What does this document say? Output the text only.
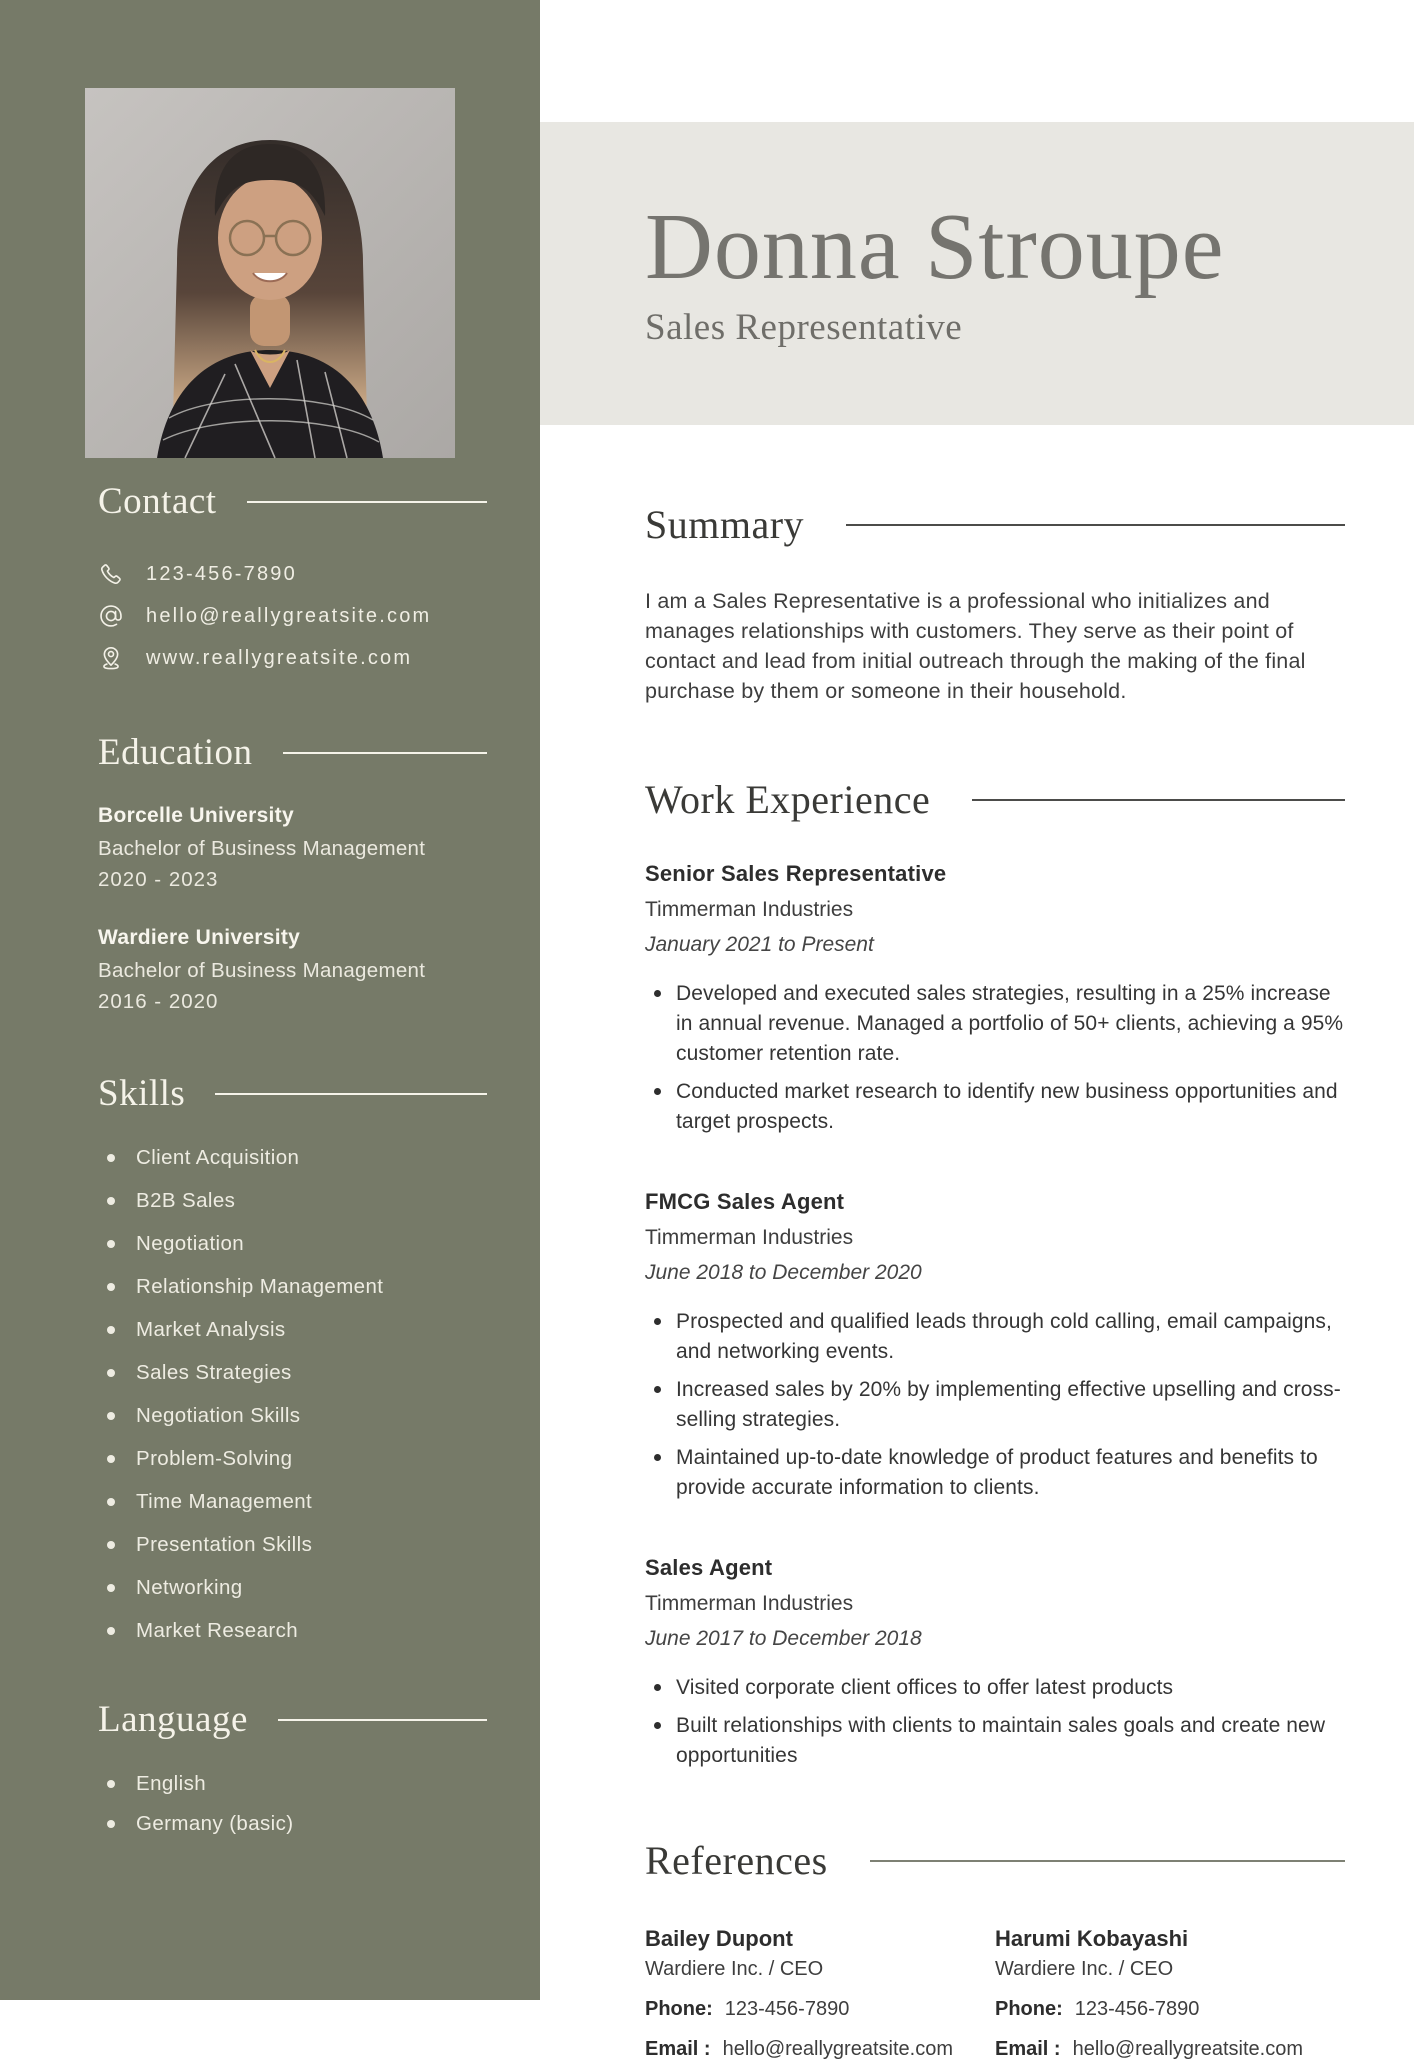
Contact
123-456-7890
hello@reallygreatsite.com
www.reallygreatsite.com
Education
Borcelle University
Bachelor of Business Management
2020 - 2023
Wardiere University
Bachelor of Business Management
2016 - 2020
Skills
Client Acquisition
B2B Sales
Negotiation
Relationship Management
Market Analysis
Sales Strategies
Negotiation Skills
Problem-Solving
Time Management
Presentation Skills
Networking
Market Research
Language
English
Germany (basic)
Donna Stroupe
Sales Representative
Summary

I am a Sales Representative is a professional who initializes and manages relationships with customers. They serve as their point of contact and lead from initial outreach through the making of the final purchase by them or someone in their household.

Work Experience
Senior Sales Representative
Timmerman Industries
January 2021 to Present
Developed and executed sales strategies, resulting in a 25% increase in annual revenue. Managed a portfolio of 50+ clients, achieving a 95% customer retention rate.
Conducted market research to identify new business opportunities and target prospects.
FMCG Sales Agent
Timmerman Industries
June 2018 to December 2020
Prospected and qualified leads through cold calling, email campaigns, and networking events.
Increased sales by 20% by implementing effective upselling and cross-selling strategies.
Maintained up-to-date knowledge of product features and benefits to provide accurate information to clients.
Sales Agent
Timmerman Industries
June 2017 to December 2018
Visited corporate client offices to offer latest products
Built relationships with clients to maintain sales goals and create new opportunities
References
Bailey Dupont
Wardiere Inc. / CEO
Phone: 123-456-7890
Email : hello@reallygreatsite.com
Harumi Kobayashi
Wardiere Inc. / CEO
Phone: 123-456-7890
Email : hello@reallygreatsite.com
